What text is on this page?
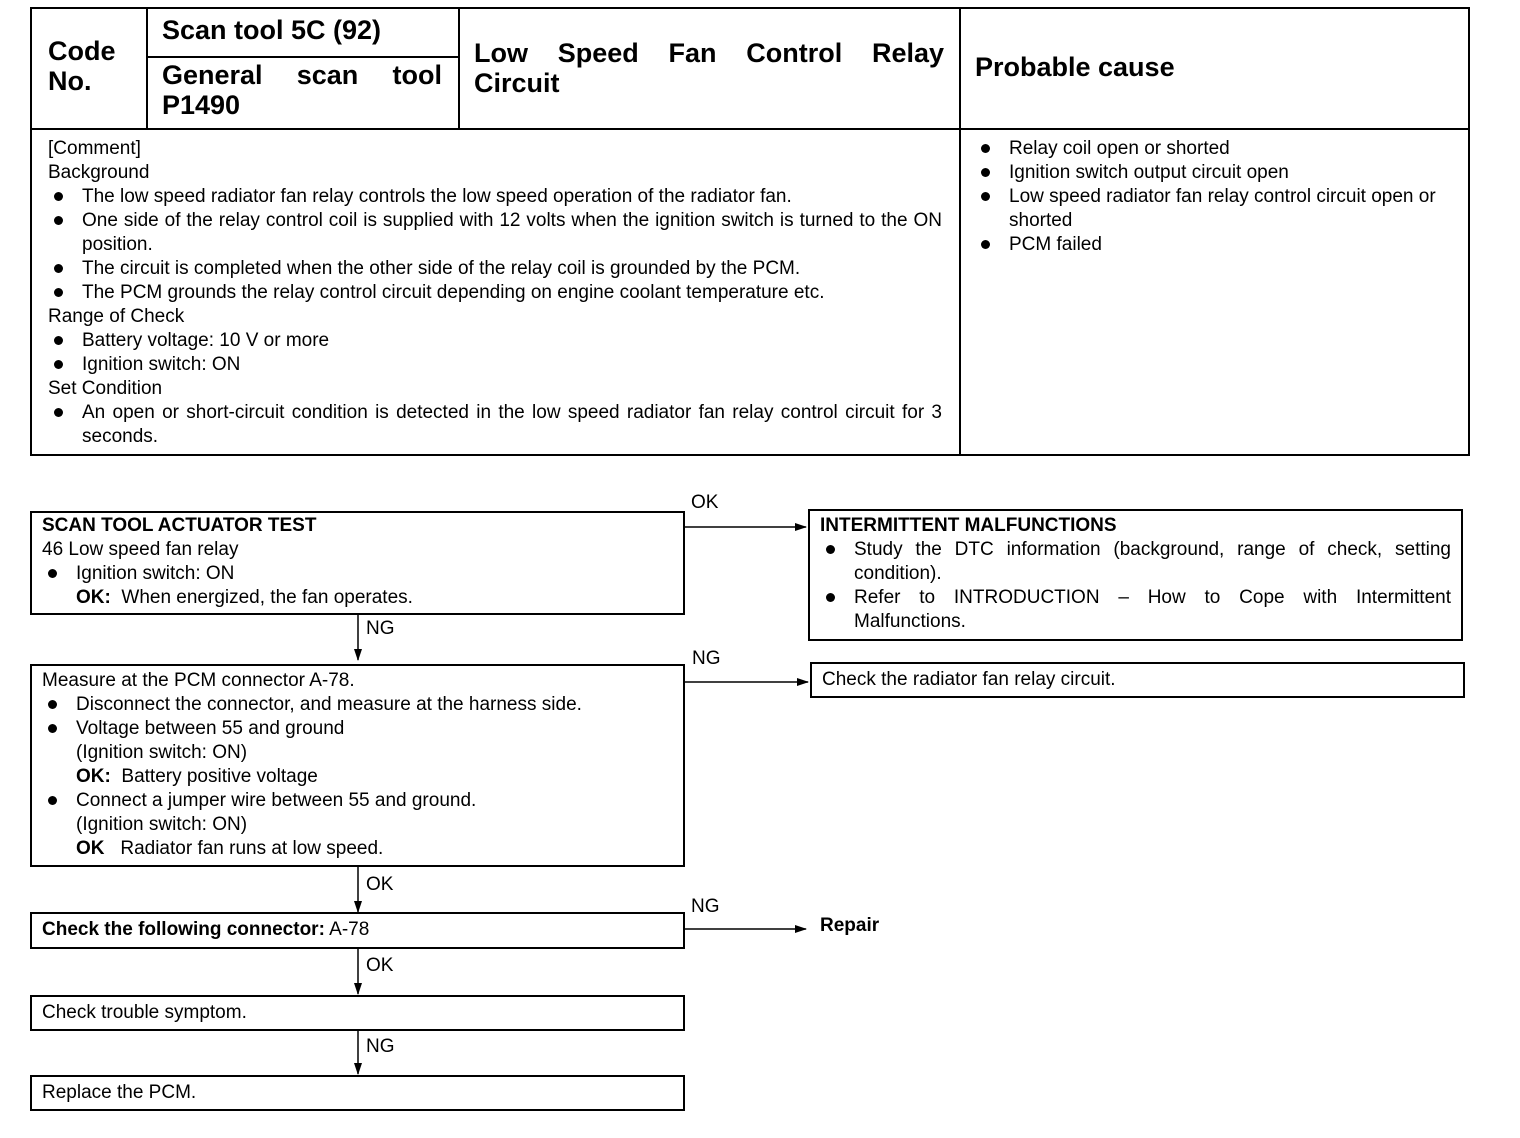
Code
No.
Scan tool 5C (92)
General scan tool
P1490
Low Speed Fan Control Relay Circuit
Probable cause
[Comment]
Background
The low speed radiator fan relay controls the low speed operation of the radiator fan.
One side of the relay control coil is supplied with 12 volts when the ignition switch is turned to the ON position.
The circuit is completed when the other side of the relay coil is grounded by the PCM.
The PCM grounds the relay control circuit depending on engine coolant temperature etc.
Range of Check
Battery voltage: 10 V or more
Ignition switch: ON
Set Condition
An open or short-circuit condition is detected in the low speed radiator fan relay control circuit for 3 seconds.
Relay coil open or shorted
Ignition switch output circuit open
Low speed radiator fan relay control circuit open or shorted
PCM failed
SCAN TOOL ACTUATOR TEST
46 Low speed fan relay
Ignition switch: ON
OK: When energized, the fan operates.
INTERMITTENT MALFUNCTIONS
Study the DTC information (background, range of check, setting condition).
Refer to INTRODUCTION – How to Cope with Intermittent Malfunctions.
Measure at the PCM connector A-78.
Disconnect the connector, and measure at the harness side.
Voltage between 55 and ground
(Ignition switch: ON)
OK: Battery positive voltage
Connect a jumper wire between 55 and ground.
(Ignition switch: ON)
OK Radiator fan runs at low speed.
Check the radiator fan relay circuit.
Check the following connector: A-78	Repair
Check trouble symptom.
Replace the PCM.
OK
NG
NG
OK
NG
OK
NG
